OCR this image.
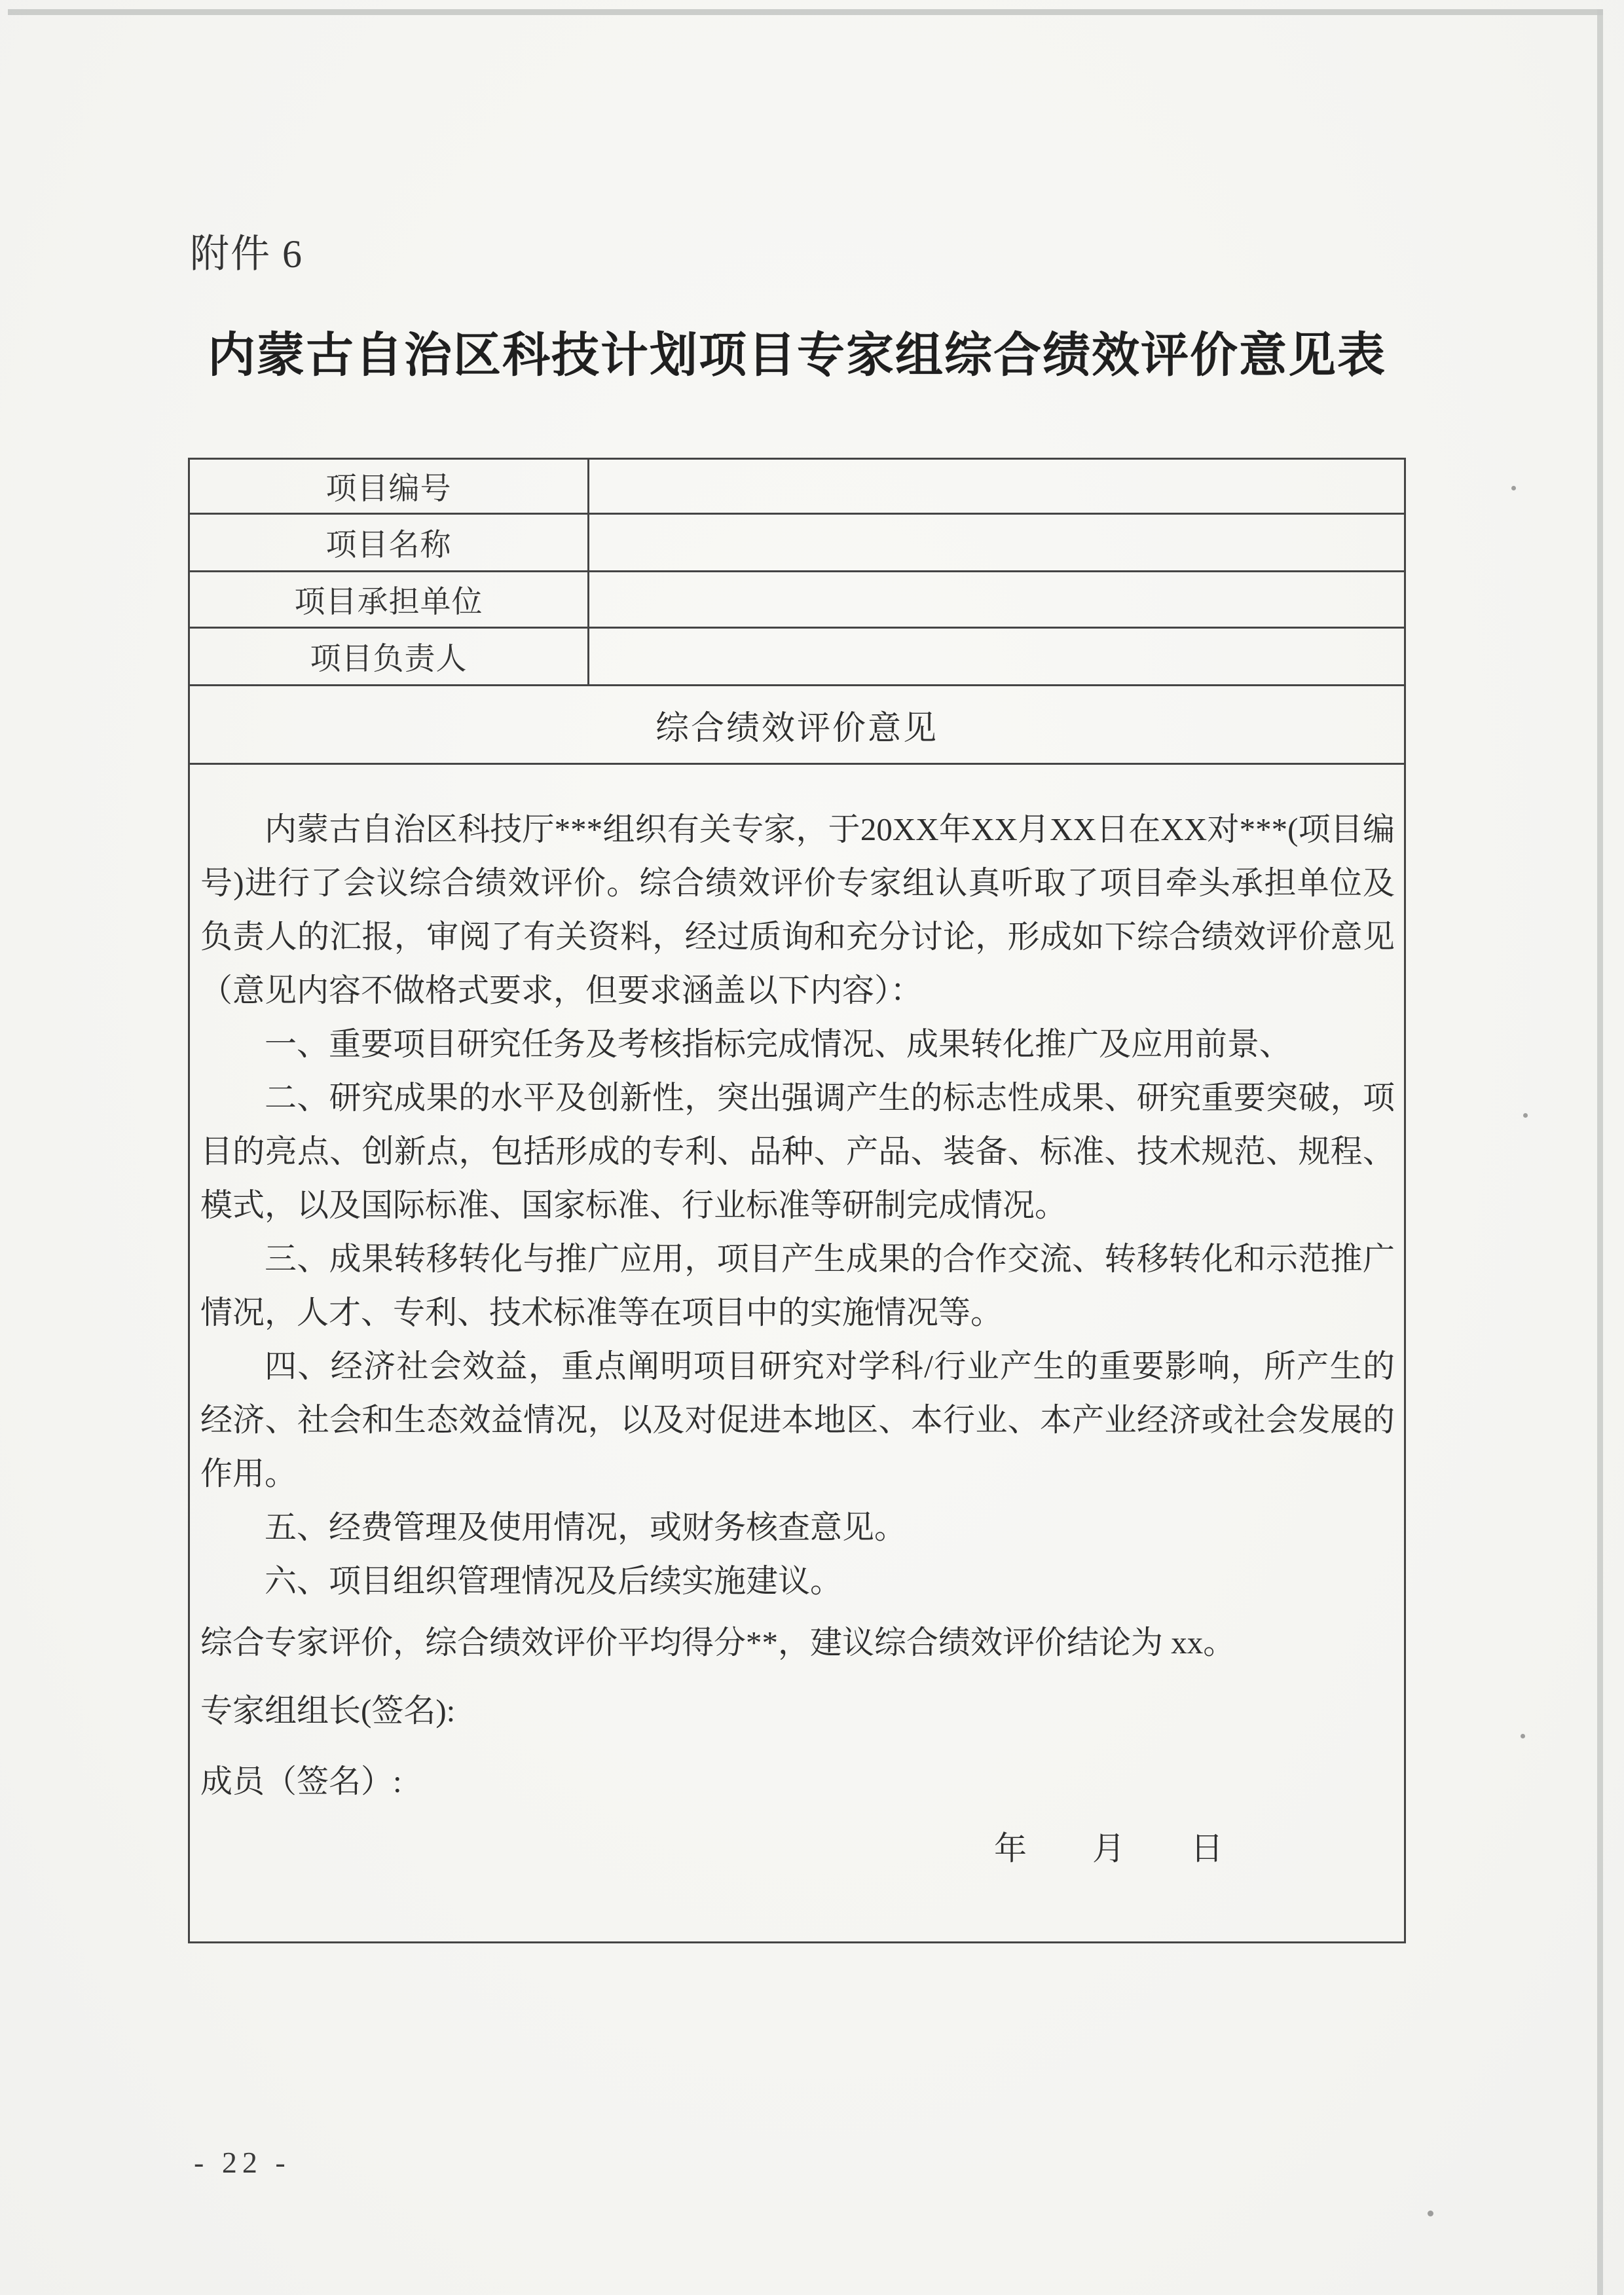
附件 6
内蒙古自治区科技计划项目专家组综合绩效评价意见表
项目编号
项目名称
项目承担单位
项目负责人
综合绩效评价意见

内蒙古自治区科技厅***组织有关专家，于20XX年XX月XX日在XX对***(项目编号)进行了会议综合绩效评价。综合绩效评价专家组认真听取了项目牵头承担单位及负责人的汇报，审阅了有关资料，经过质询和充分讨论，形成如下综合绩效评价意见（意见内容不做格式要求，但要求涵盖以下内容）：

一、重要项目研究任务及考核指标完成情况、成果转化推广及应用前景、

二、研究成果的水平及创新性，突出强调产生的标志性成果、研究重要突破，项目的亮点、创新点，包括形成的专利、品种、产品、装备、标准、技术规范、规程、模式，以及国际标准、国家标准、行业标准等研制完成情况。

三、成果转移转化与推广应用，项目产生成果的合作交流、转移转化和示范推广情况，人才、专利、技术标准等在项目中的实施情况等。

四、经济社会效益，重点阐明项目研究对学科/行业产生的重要影响，所产生的经济、社会和生态效益情况，以及对促进本地区、本行业、本产业经济或社会发展的作用。

五、经费管理及使用情况，或财务核查意见。

六、项目组织管理情况及后续实施建议。

综合专家评价，综合绩效评价平均得分**，建议综合绩效评价结论为 xx。

专家组组长(签名):

成员（签名）:

年　　月　　日

- 22 -
